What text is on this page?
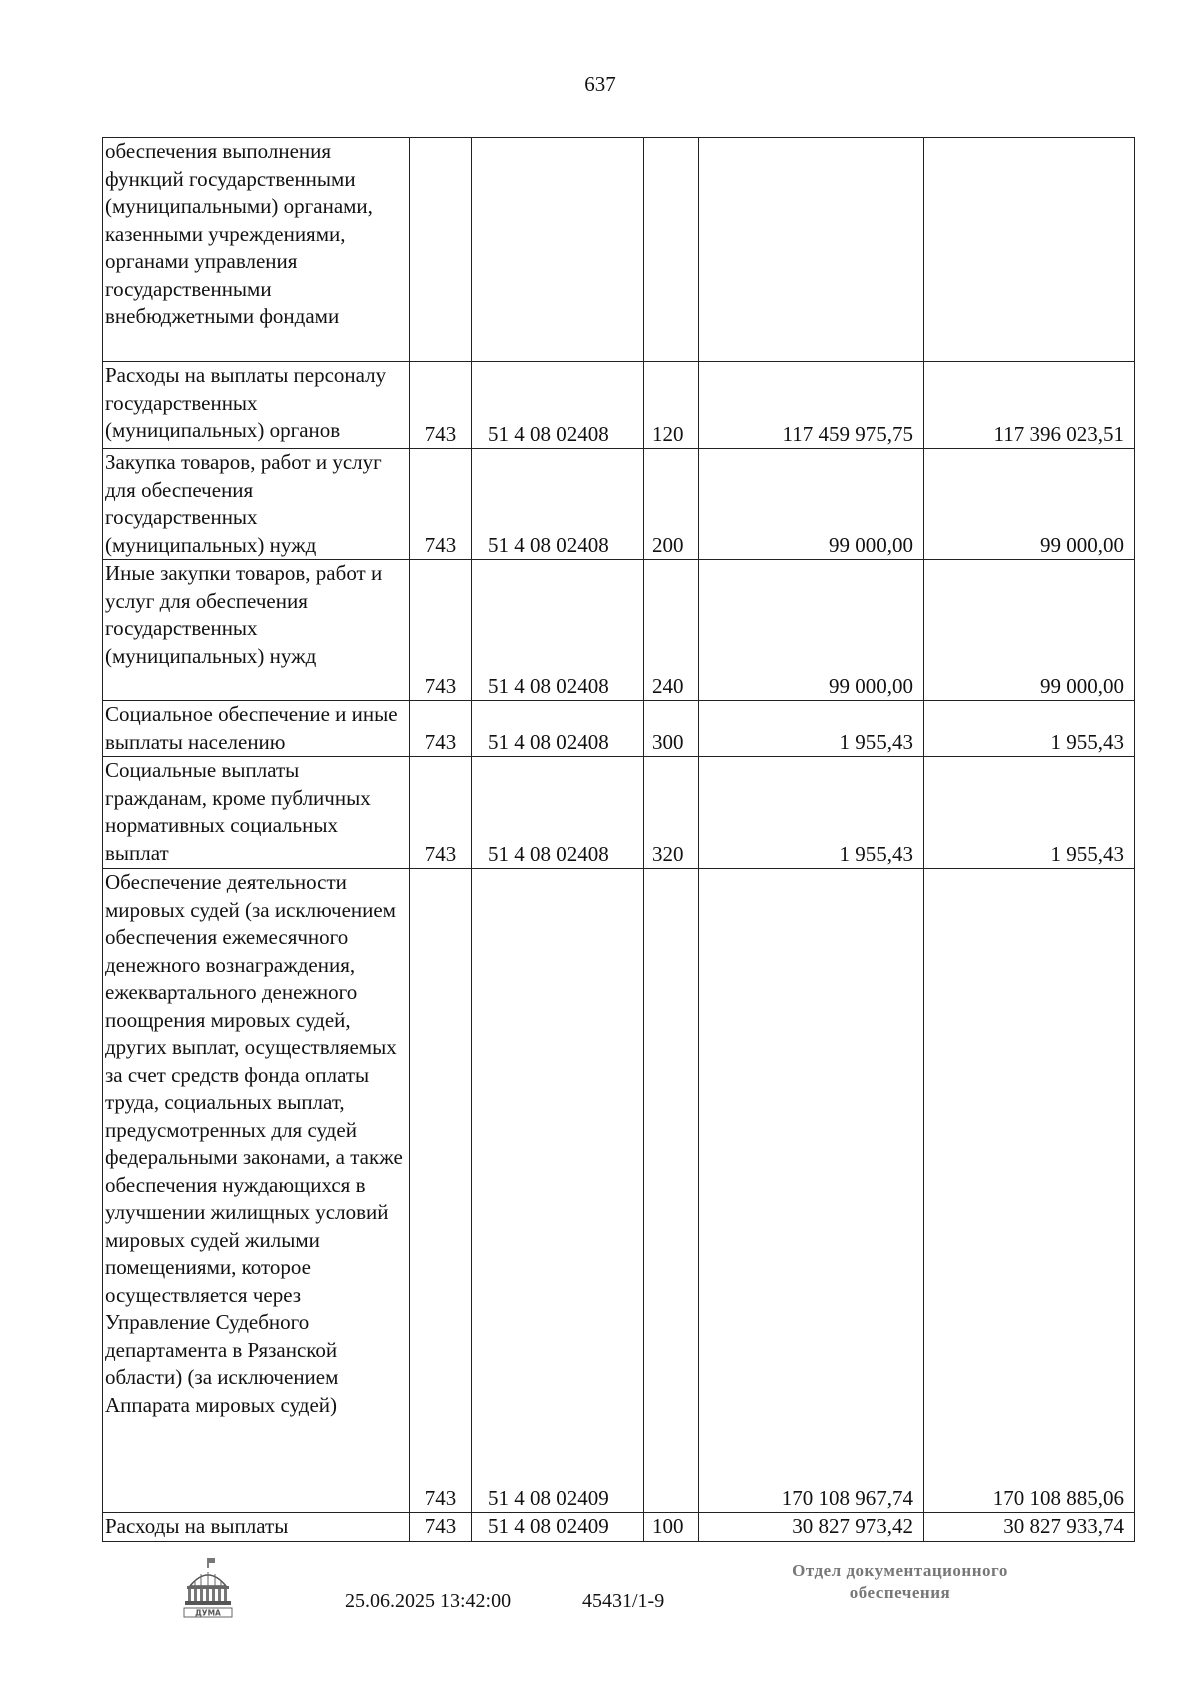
637
обеспечения выполнения функций государственными (муниципальными) органами, казенными учреждениями, органами управления государственными внебюджетными фондами					
Расходы на выплаты персоналу государственных (муниципальных) органов	743	51 4 08 02408	120	117 459 975,75	117 396 023,51
Закупка товаров, работ и услуг для обеспечения государственных (муниципальных) нужд	743	51 4 08 02408	200	99 000,00	99 000,00
Иные закупки товаров, работ и услуг для обеспечения государственных (муниципальных) нужд	743	51 4 08 02408	240	99 000,00	99 000,00
Социальное обеспечение и иные выплаты населению	743	51 4 08 02408	300	1 955,43	1 955,43
Социальные выплаты гражданам, кроме публичных нормативных социальных выплат	743	51 4 08 02408	320	1 955,43	1 955,43
Обеспечение деятельности мировых судей (за исключением обеспечения ежемесячного денежного вознаграждения, ежеквартального денежного поощрения мировых судей, других выплат, осуществляемых за счет средств фонда оплаты труда, социальных выплат, предусмотренных для судей федеральными законами, а также обеспечения нуждающихся в улучшении жилищных условий мировых судей жилыми помещениями, которое осуществляется через Управление Судебного департамента в Рязанской области) (за исключением Аппарата мировых судей)	743	51 4 08 02409		170 108 967,74	170 108 885,06
Расходы на выплаты	743	51 4 08 02409	100	30 827 973,42	30 827 933,74
ДУМА
25.06.2025 13:42:00	45431/1-9
Отдел документационного
обеспечения
